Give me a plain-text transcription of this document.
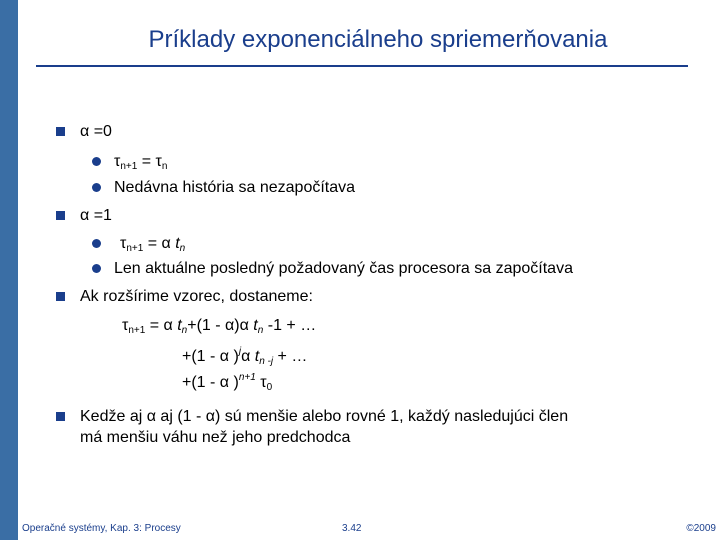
Príklady exponenciálneho spriemerňovania
α =0
$\tau_{n+1} = \tau_n$
Nedávna história sa nezapočítava
α =1
$\tau_{n+1} = \alpha$ $t_n$
Len aktuálne posledný požadovaný čas procesora sa započítava
Ak rozšírime vzorec, dostaneme:
$\tau_{n+1} = \alpha$ $t_n+(1 - \alpha)\alpha$ $t_n$ -1 + …
+(1 - α )$^j$α $t_{n -j}$ + …
+(1 - α )$^{n+1}$ $\tau_0$
Kedže aj α aj (1 - α) sú menšie alebo rovné 1, každý nasledujúci člen
má menšiu váhu než jeho predchodca
Operačné systémy, Kap. 3: Procesy	3.42	©2009
